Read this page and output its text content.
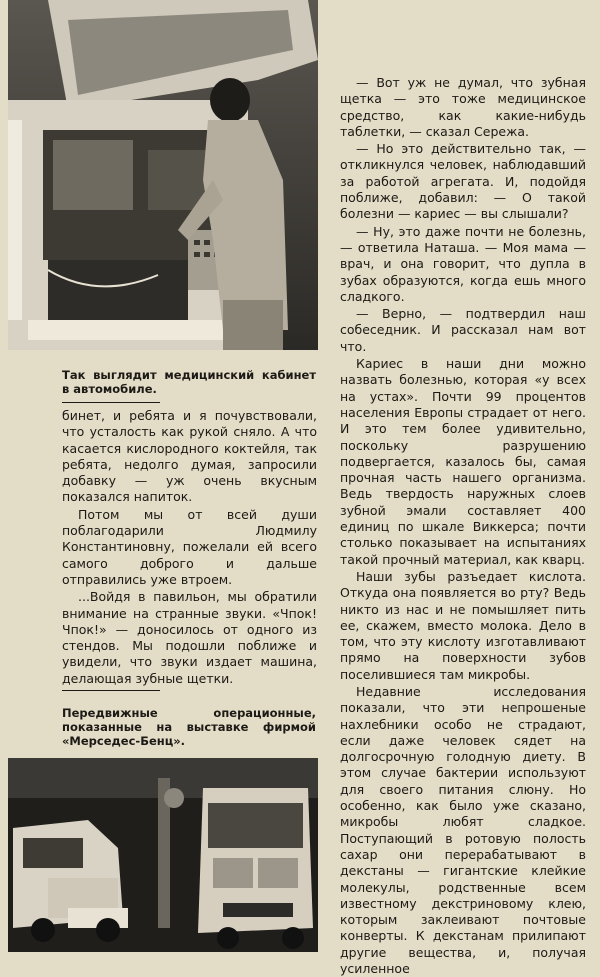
Так выглядит медицинский кабинет в автомобиле.

бинет, и ребята и я почувствовали, что усталость как рукой сняло. А что касается кислородного коктейля, так ребята, недолго думая, запросили добавку — уж очень вкусным показался напиток.

Потом мы от всей души поблагодарили Людмилу Константиновну, пожелали ей всего самого доброго и дальше отправились уже втроем.

...Войдя в павильон, мы обратили внимание на странные звуки. «Чпок! Чпок!» — доносилось от одного из стендов. Мы подошли поближе и увидели, что звуки издает машина, делающая зубные щетки.

Передвижные операционные, показанные на выставке фирмой «Мерседес-Бенц».

— Вот уж не думал, что зубная щетка — это тоже медицинское средство, как какие-нибудь таблетки, — сказал Сережа.

— Но это действительно так, — откликнулся человек, наблюдавший за работой агрегата. И, подойдя поближе, добавил: — О такой болезни — кариес — вы слышали?

— Ну, это даже почти не болезнь, — ответила Наташа. — Моя мама — врач, и она говорит, что дупла в зубах образуются, когда ешь много сладкого.

— Верно, — подтвердил наш собеседник. И рассказал нам вот что.

Кариес в наши дни можно назвать болезнью, которая «у всех на устах». Почти 99 процентов населения Европы страдает от него. И это тем более удивительно, поскольку разрушению подвергается, казалось бы, самая прочная часть нашего организма. Ведь твердость наружных слоев зубной эмали составляет 400 единиц по шкале Виккерса; почти столько показывает на испытаниях такой прочный материал, как кварц.

Наши зубы разъедает кислота. Откуда она появляется во рту? Ведь никто из нас и не помышляет пить ее, скажем, вместо молока. Дело в том, что эту кислоту изготавливают прямо на поверхности зубов поселившиеся там микробы.

Недавние исследования показали, что эти непрошеные нахлебники особо не страдают, если даже человек сядет на долгосрочную голодную диету. В этом случае бактерии используют для своего питания слюну. Но особенно, как было уже сказано, микробы любят сладкое. Поступающий в ротовую полость сахар они перерабатывают в декстаны — гигантские клейкие молекулы, родственные всем известному декстриновому клею, которым заклеивают почтовые конверты. К декстанам прилипают другие вещества, и, получая усиленное
